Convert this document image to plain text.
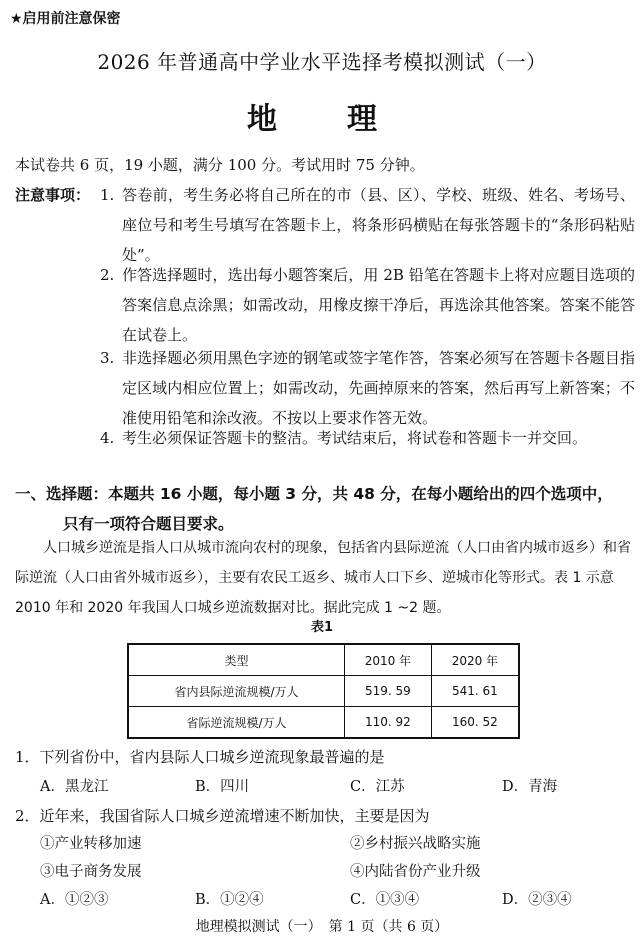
★启用前注意保密
2026 年普通高中学业水平选择考模拟测试（一）
地　理
本试卷共 6 页，19 小题，满分 100 分。考试用时 75 分钟。
注意事项： 1. 答卷前，考生务必将自己所在的市（县、区）、学校、班级、姓名、考场号、座位号和考生号填写在答题卡上，将条形码横贴在每张答题卡的“条形码粘贴处”。
2. 作答选择题时，选出每小题答案后，用 2B 铅笔在答题卡上将对应题目选项的答案信息点涂黑；如需改动，用橡皮擦干净后，再选涂其他答案。答案不能答在试卷上。
3. 非选择题必须用黑色字迹的钢笔或签字笔作答，答案必须写在答题卡各题目指定区域内相应位置上；如需改动，先画掉原来的答案，然后再写上新答案；不准使用铅笔和涂改液。不按以上要求作答无效。
4. 考生必须保证答题卡的整洁。考试结束后，将试卷和答题卡一并交回。
一、选择题：本题共 16 小题，每小题 3 分，共 48 分，在每小题给出的四个选项中，
只有一项符合题目要求。
人口城乡逆流是指人口从城市流向农村的现象，包括省内县际逆流（人口由省内城市返乡）和省际逆流（人口由省外城市返乡），主要有农民工返乡、城市人口下乡、逆城市化等形式。表 1 示意 2010 年和 2020 年我国人口城乡逆流数据对比。据此完成 1 ~2 题。
表1
类型	2010 年	2020 年
省内县际逆流规模/万人	519. 59	541. 61
省际逆流规模/万人	110. 92	160. 52
1．下列省份中，省内县际人口城乡逆流现象最普遍的是
A．黑龙江	B．四川	C．江苏	D．青海
2．近年来，我国省际人口城乡逆流增速不断加快，主要是因为
①产业转移加速	②乡村振兴战略实施
③电子商务发展	④内陆省份产业升级
A．①②③	B．①②④	C．①③④	D．②③④
地理模拟测试（一）　第 1 页（共 6 页）
